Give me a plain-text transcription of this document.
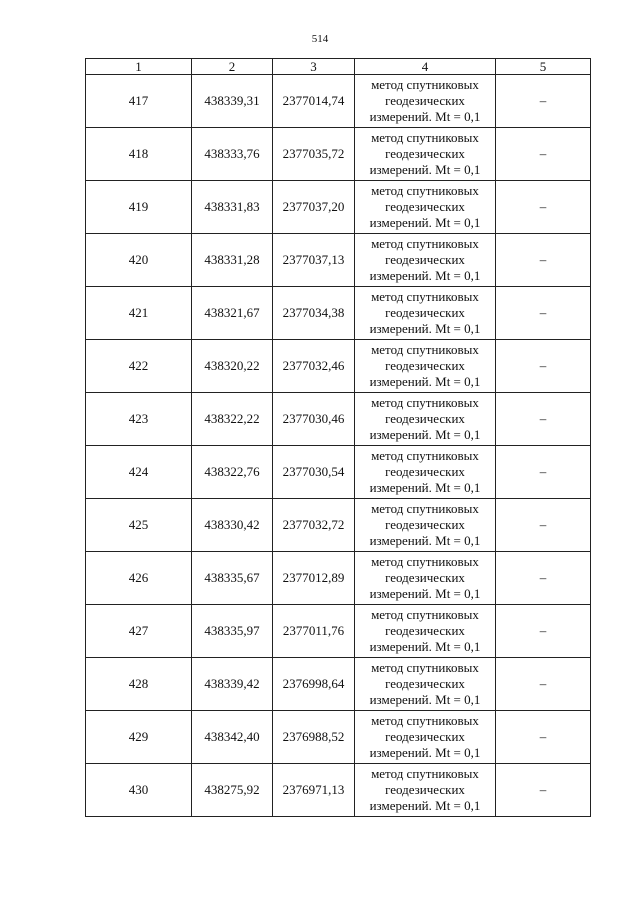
514
1	2	3	4	5
417	438339,31	2377014,74	метод спутниковых геодезических измерений. Mt = 0,1	–
418	438333,76	2377035,72	метод спутниковых геодезических измерений. Mt = 0,1	–
419	438331,83	2377037,20	метод спутниковых геодезических измерений. Mt = 0,1	–
420	438331,28	2377037,13	метод спутниковых геодезических измерений. Mt = 0,1	–
421	438321,67	2377034,38	метод спутниковых геодезических измерений. Mt = 0,1	–
422	438320,22	2377032,46	метод спутниковых геодезических измерений. Mt = 0,1	–
423	438322,22	2377030,46	метод спутниковых геодезических измерений. Mt = 0,1	–
424	438322,76	2377030,54	метод спутниковых геодезических измерений. Mt = 0,1	–
425	438330,42	2377032,72	метод спутниковых геодезических измерений. Mt = 0,1	–
426	438335,67	2377012,89	метод спутниковых геодезических измерений. Mt = 0,1	–
427	438335,97	2377011,76	метод спутниковых геодезических измерений. Mt = 0,1	–
428	438339,42	2376998,64	метод спутниковых геодезических измерений. Mt = 0,1	–
429	438342,40	2376988,52	метод спутниковых геодезических измерений. Mt = 0,1	–
430	438275,92	2376971,13	метод спутниковых геодезических измерений. Mt = 0,1	–
